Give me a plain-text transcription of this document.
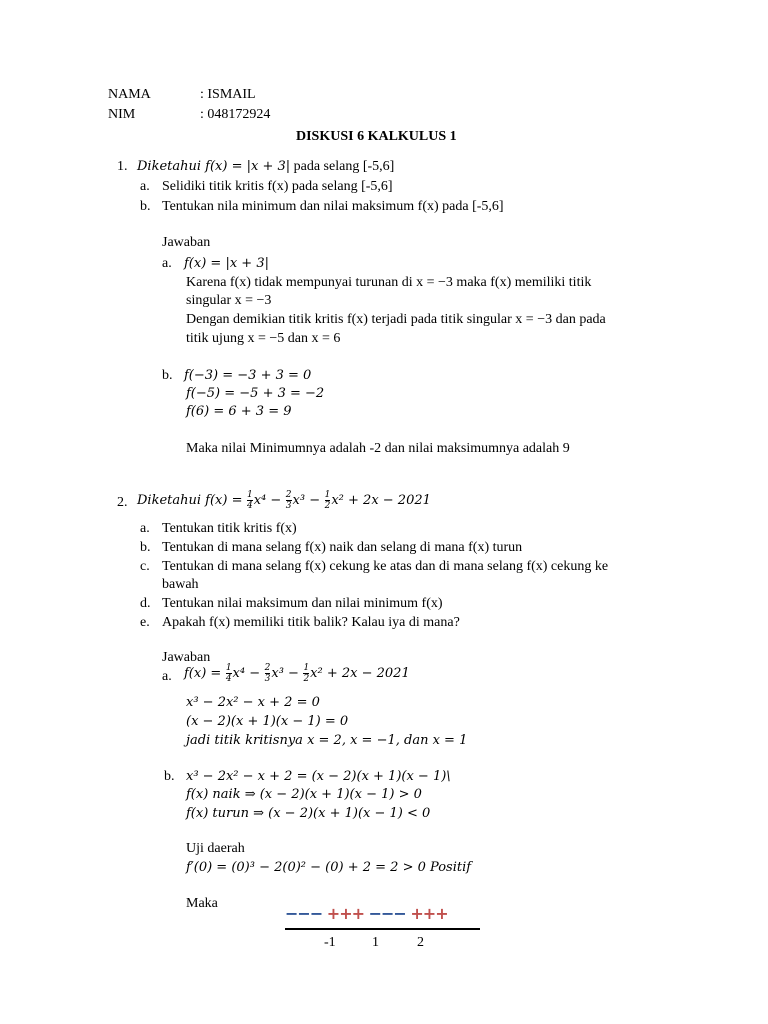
NAMA	: ISMAIL
NIM	: 048172924
DISKUSI 6 KALKULUS 1
1. Diketahui f(x) = |x + 3| pada selang [-5,6]
a. Selidiki titik kritis f(x) pada selang [-5,6]
b. Tentukan nila minimum dan nilai maksimum f(x) pada [-5,6]
Jawaban
a. f(x) = |x + 3|
Karena f(x) tidak mempunyai turunan di x = −3 maka f(x) memiliki titik
singular x = −3
Dengan demikian titik kritis f(x) terjadi pada titik singular x = −3 dan pada
titik ujung x = −5 dan x = 6
b. f(−3) = −3 + 3 = 0
f(−5) = −5 + 3 = −2
f(6) = 6 + 3 = 9
Maka nilai Minimumnya adalah -2 dan nilai maksimumnya adalah 9
2. Diketahui $f(x) = \frac{1}{4} x^4 - \frac{2}{3} x^3 - \frac{1}{2} x^2 + 2x - 2021$
a. Tentukan titik kritis f(x)
b. Tentukan di mana selang f(x) naik dan selang di mana f(x) turun
c. Tentukan di mana selang f(x) cekung ke atas dan di mana selang f(x) cekung ke
bawah
d. Tentukan nilai maksimum dan nilai minimum f(x)
e. Apakah f(x) memiliki titik balik? Kalau iya di mana?
Jawaban
a. $f(x) = \frac{1}{4} x^4 - \frac{2}{3} x^3 - \frac{1}{2} x^2 + 2x - 2021$
x³ − 2x² − x + 2 = 0
(x − 2)(x + 1)(x − 1) = 0
jadi titik kritisnya x = 2, x = −1, dan x = 1
b. x³ − 2x² − x + 2 = (x − 2)(x + 1)(x − 1)\
f(x) naik ⇒ (x − 2)(x + 1)(x − 1) > 0
f(x) turun ⇒ (x − 2)(x + 1)(x − 1) < 0
Uji daerah
f′(0) = (0)³ − 2(0)² − (0) + 2 = 2 > 0 Positif
Maka
−−− +++ −−− +++
-1	1	2
